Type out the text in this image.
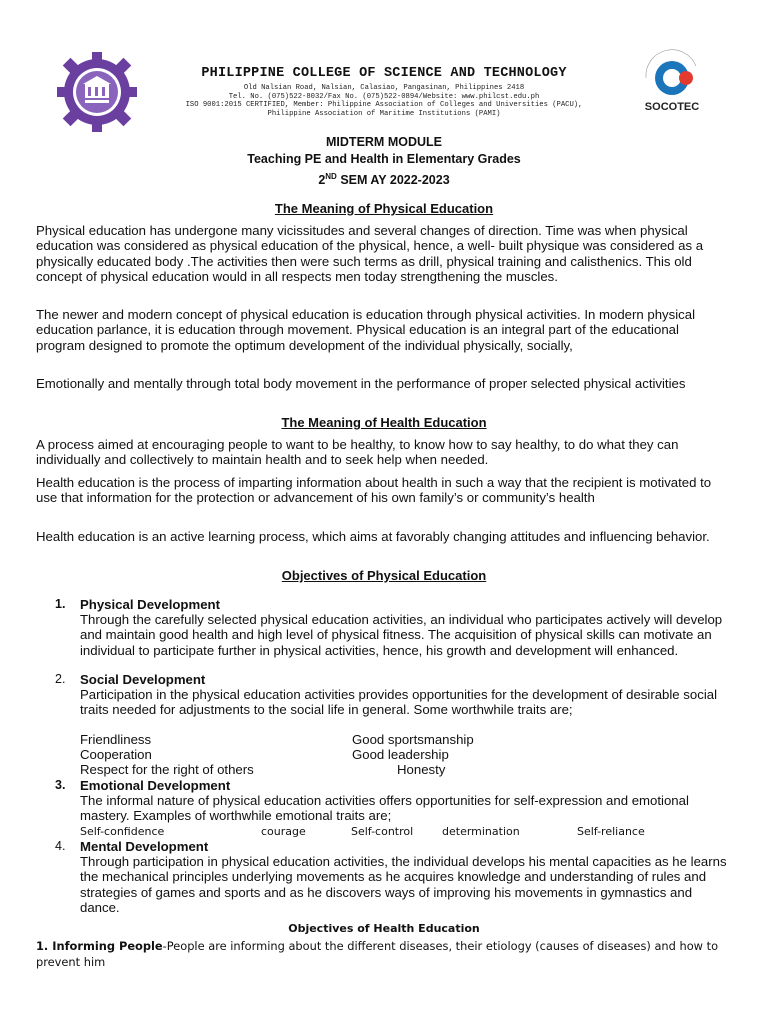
PHILIPPINE COLLEGE OF SCIENCE AND TECHNOLOGY

Old Nalsian Road, Nalsian, Calasiao, Pangasinan, Philippines 2418

Tel. No. (075)522-8032/Fax No. (075)522-0894/Website: www.philcst.edu.ph

ISO 9001:2015 CERTIFIED, Member: Philippine Association of Colleges and Universities (PACU),

Philippine Association of Maritime Institutions (PAMI)

SOCOTEC
MIDTERM MODULE
Teaching PE and Health in Elementary Grades
2ND SEM AY 2022-2023
The Meaning of Physical Education

Physical education has undergone many vicissitudes and several changes of direction. Time was when physical education was considered as physical education of the physical, hence, a well- built physique was considered as a physically educated body .The activities then were such terms as drill, physical training and calisthenics. This old concept of physical education would in all respects men today strengthening the muscles.

The newer and modern concept of physical education is education through physical activities. In modern physical education parlance, it is education through movement. Physical education is an integral part of the educational program designed to promote the optimum development of the individual physically, socially,

Emotionally and mentally through total body movement in the performance of proper selected physical activities

The Meaning of Health Education

A process aimed at encouraging people to want to be healthy, to know how to say healthy, to do what they can individually and collectively to maintain health and to seek help when needed.

Health education is the process of imparting information about health in such a way that the recipient is motivated to use that information for the protection or advancement of his own family’s or community’s health

Health education is an active learning process, which aims at favorably changing attitudes and influencing behavior.

Objectives of Physical Education
1.	Physical Development

Through the carefully selected physical education activities, an individual who participates actively will develop and maintain good health and high level of physical fitness. The acquisition of physical skills can motivate an individual to participate further in physical activities, hence, his growth and development will enhanced.

2.	Social Development

Participation in the physical education activities provides opportunities for the development of desirable social traits needed for adjustments to the social life in general. Some worthwhile traits are;

Friendliness	Good sportsmanship
Cooperation	Good leadership
Respect for the right of others	Honesty
3.	Emotional Development

The informal nature of physical education activities offers opportunities for self-expression and emotional mastery. Examples of worthwhile emotional traits are;

Self-confidence	courage	Self-control	determination	Self-reliance
4.	Mental Development

Through participation in physical education activities, the individual develops his mental capacities as he learns the mechanical principles underlying movements as he acquires knowledge and understanding of rules and strategies of games and sports and as he discovers ways of improving his movements in gymnastics and dance.

Objectives of Health Education

1. Informing People-People are informing about the different diseases, their etiology (causes of diseases) and how to prevent him
